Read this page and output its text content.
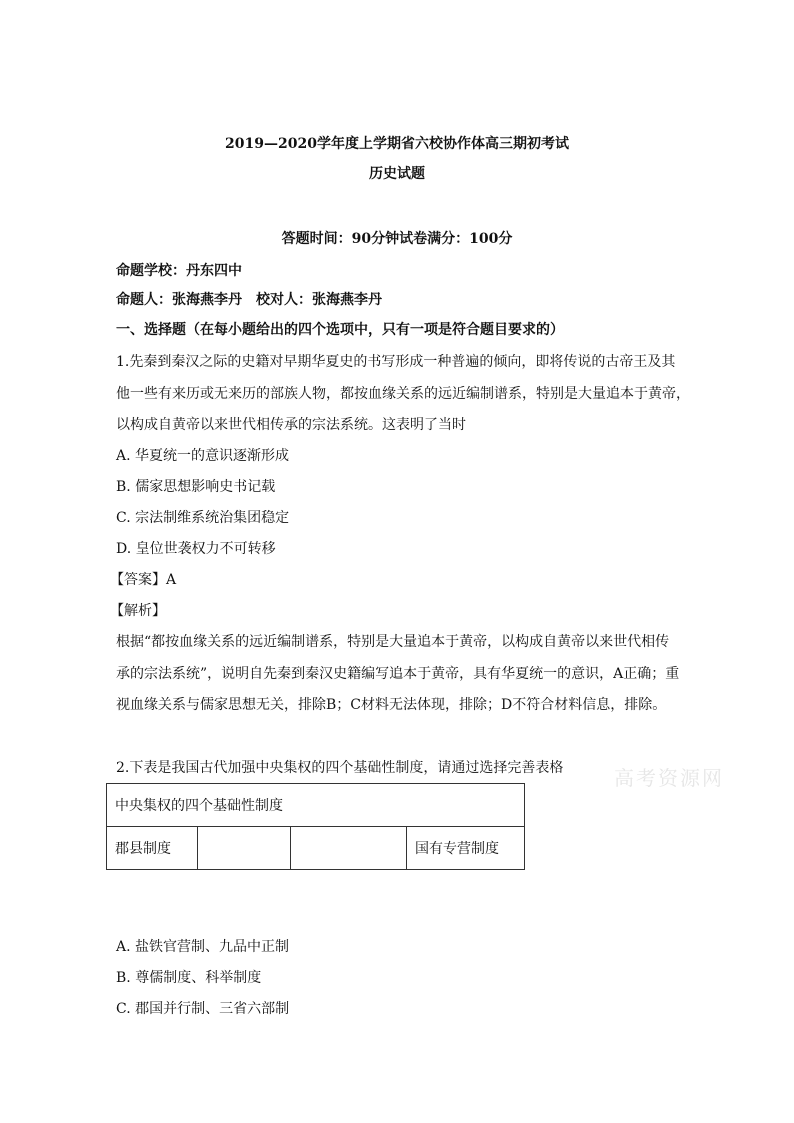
2019—2020学年度上学期省六校协作体高三期初考试
历史试题
答题时间：90分钟试卷满分：100分
命题学校：丹东四中
命题人：张海燕李丹　校对人：张海燕李丹
一、选择题（在每小题给出的四个选项中，只有一项是符合题目要求的）
1.先秦到秦汉之际的史籍对早期华夏史的书写形成一种普遍的倾向，即将传说的古帝王及其
他一些有来历或无来历的部族人物，都按血缘关系的远近编制谱系，特别是大量追本于黄帝，
以构成自黄帝以来世代相传承的宗法系统。这表明了当时
A. 华夏统一的意识逐渐形成
B. 儒家思想影响史书记载
C. 宗法制维系统治集团稳定
D. 皇位世袭权力不可转移
【答案】A
【解析】
根据“都按血缘关系的远近编制谱系，特别是大量追本于黄帝，以构成自黄帝以来世代相传
承的宗法系统”，说明自先秦到秦汉史籍编写追本于黄帝，具有华夏统一的意识，A正确；重
视血缘关系与儒家思想无关，排除B；C材料无法体现，排除；D不符合材料信息，排除。
2.下表是我国古代加强中央集权的四个基础性制度，请通过选择完善表格	高考资源网
中央集权的四个基础性制度
郡县制度			国有专营制度
A. 盐铁官营制、九品中正制
B. 尊儒制度、科举制度
C. 郡国并行制、三省六部制
